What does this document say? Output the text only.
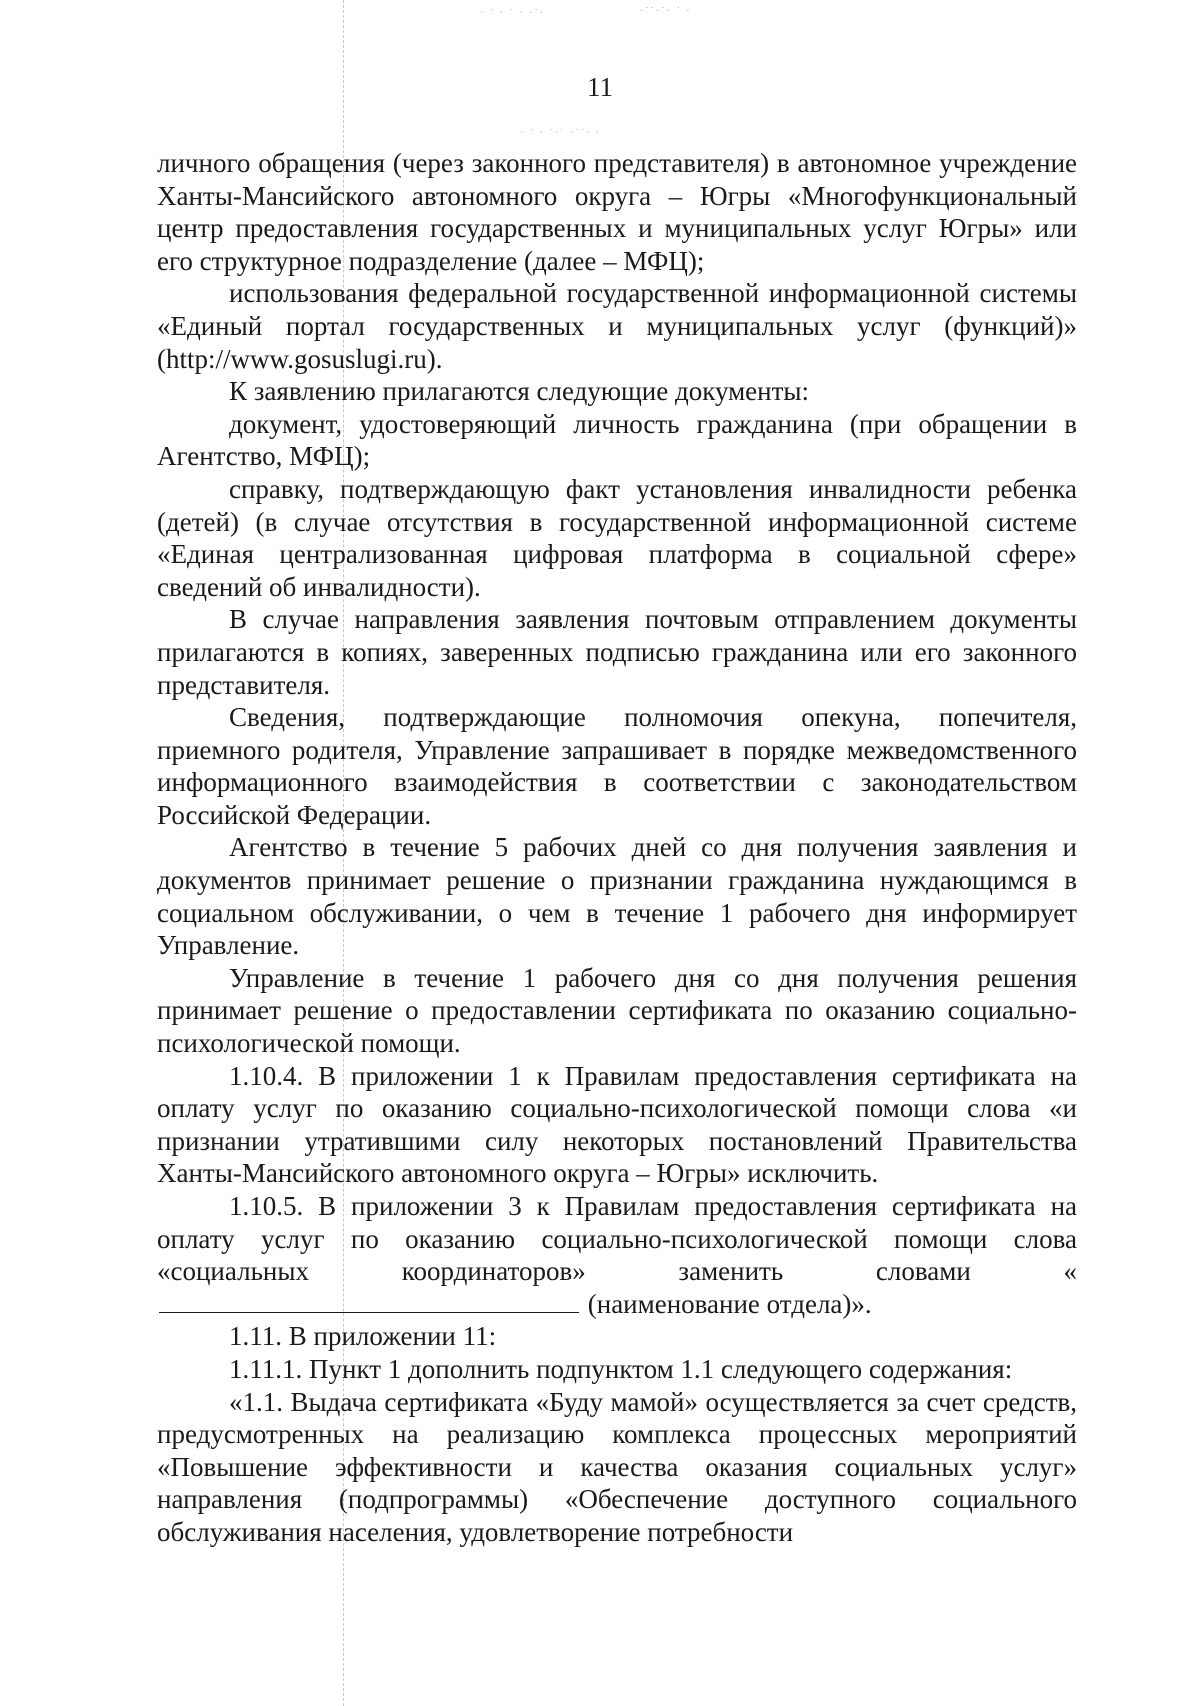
· ˙ · ˙ · ·˙·	·˙˙·˙· ˙ ·
· ˙ · ˙·˙ ·˙˙· ·
11

личного обращения (через законного представителя) в автономное учреждение Ханты-Мансийского автономного округа – Югры «Многофункциональный центр предоставления государственных и муниципальных услуг Югры» или его структурное подразделение (далее – МФЦ);

использования федеральной государственной информационной системы «Единый портал государственных и муниципальных услуг (функций)» (http://www.gosuslugi.ru).

К заявлению прилагаются следующие документы:

документ, удостоверяющий личность гражданина (при обращении в Агентство, МФЦ);

справку, подтверждающую факт установления инвалидности ребенка (детей) (в случае отсутствия в государственной информационной системе «Единая централизованная цифровая платформа в социальной сфере» сведений об инвалидности).

В случае направления заявления почтовым отправлением документы прилагаются в копиях, заверенных подписью гражданина или его законного представителя.

Сведения, подтверждающие полномочия опекуна, попечителя, приемного родителя, Управление запрашивает в порядке межведомственного информационного взаимодействия в соответствии с законодательством Российской Федерации.

Агентство в течение 5 рабочих дней со дня получения заявления и документов принимает решение о признании гражданина нуждающимся в социальном обслуживании, о чем в течение 1 рабочего дня информирует Управление.

Управление в течение 1 рабочего дня со дня получения решения принимает решение о предоставлении сертификата по оказанию социально-психологической помощи.

1.10.4. В приложении 1 к Правилам предоставления сертификата на оплату услуг по оказанию социально-психологической помощи слова «и признании утратившими силу некоторых постановлений Правительства Ханты-Мансийского автономного округа – Югры» исключить.

1.10.5. В приложении 3 к Правилам предоставления сертификата на оплату услуг по оказанию социально-психологической помощи слова «социальных координаторов» заменить словами « (наименование отдела)».

1.11. В приложении 11:

1.11.1. Пункт 1 дополнить подпунктом 1.1 следующего содержания:

«1.1. Выдача сертификата «Буду мамой» осуществляется за счет средств, предусмотренных на реализацию комплекса процессных мероприятий «Повышение эффективности и качества оказания социальных услуг» направления (подпрограммы) «Обеспечение доступного социального обслуживания населения, удовлетворение потребности
